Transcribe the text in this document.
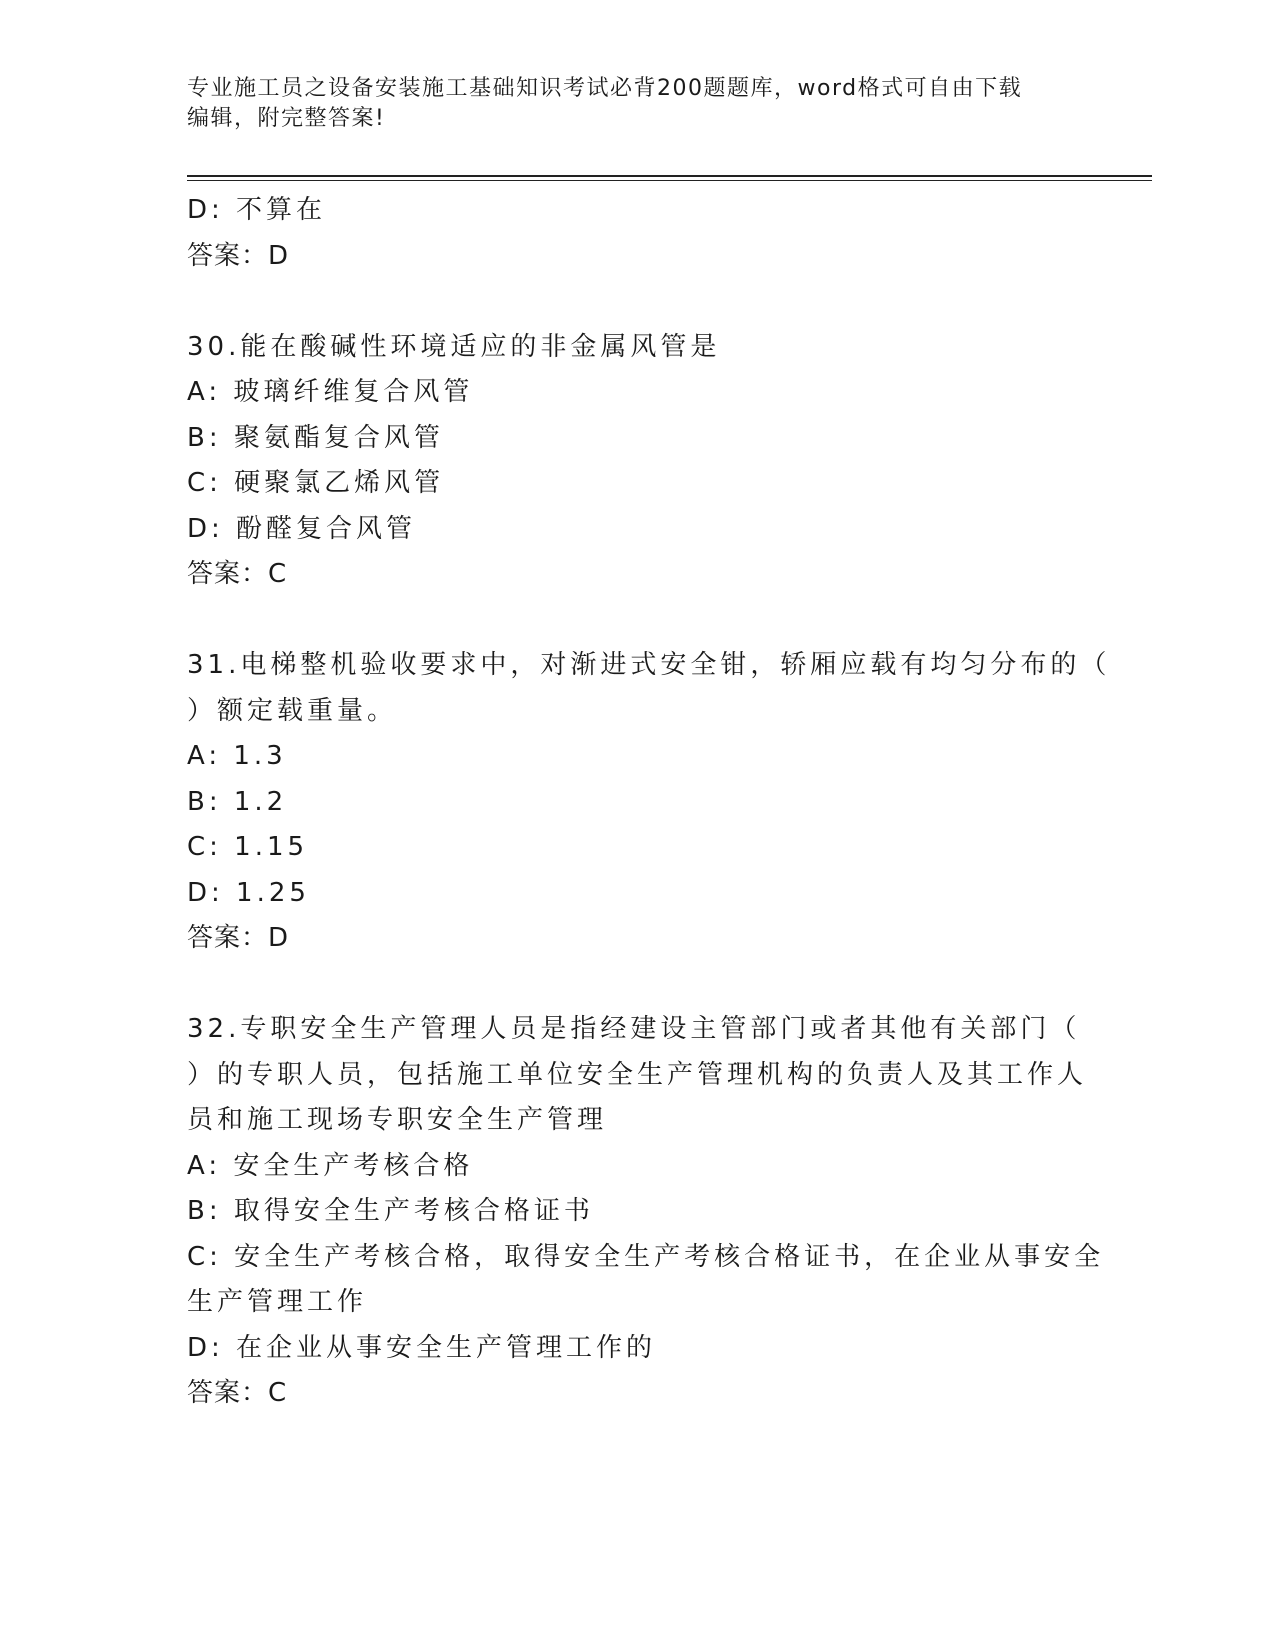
专业施工员之设备安装施工基础知识考试必背200题题库，word格式可自由下载
编辑，附完整答案!
D: 不算在
答案：D
30.能在酸碱性环境适应的非金属风管是
A: 玻璃纤维复合风管
B: 聚氨酯复合风管
C: 硬聚氯乙烯风管
D: 酚醛复合风管
答案：C
31.电梯整机验收要求中，对渐进式安全钳，轿厢应载有均匀分布的（
）额定载重量。
A: 1.3
B: 1.2
C: 1.15
D: 1.25
答案：D
32.专职安全生产管理人员是指经建设主管部门或者其他有关部门（
）的专职人员，包括施工单位安全生产管理机构的负责人及其工作人
员和施工现场专职安全生产管理
A: 安全生产考核合格
B: 取得安全生产考核合格证书
C: 安全生产考核合格，取得安全生产考核合格证书，在企业从事安全
生产管理工作
D: 在企业从事安全生产管理工作的
答案：C
